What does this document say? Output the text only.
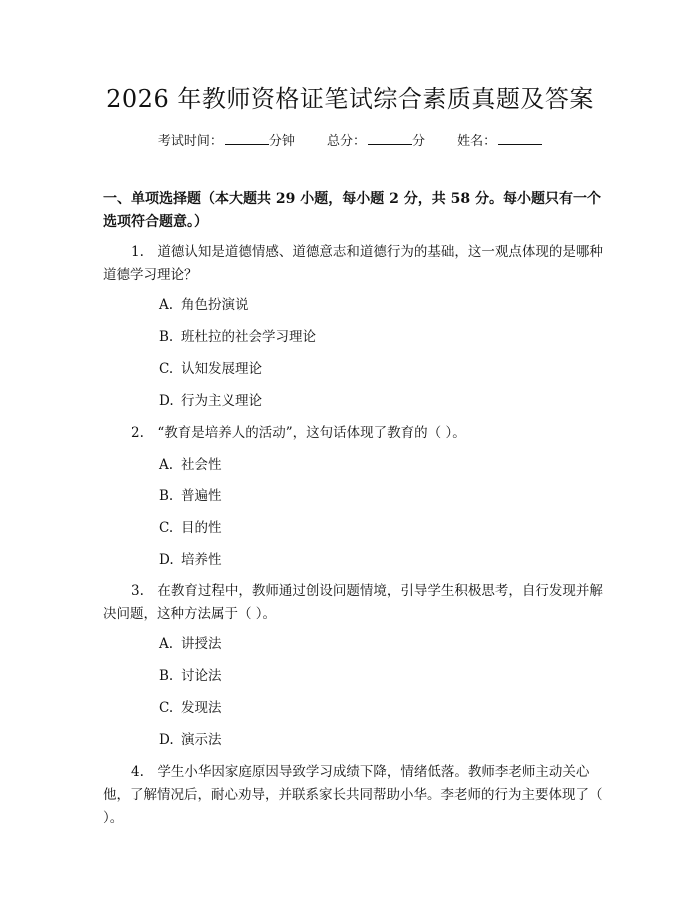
2026 年教师资格证笔试综合素质真题及答案
考试时间：	分钟 总分：	分 姓名：
一、单项选择题（本大题共 29 小题，每小题 2 分，共 58 分。每小题只有一个选项符合题意。）
1.　道德认知是道德情感、道德意志和道德行为的基础，这一观点体现的是哪种道德学习理论？
A. 角色扮演说
B. 班杜拉的社会学习理论
C. 认知发展理论
D. 行为主义理论
2.　“教育是培养人的活动”，这句话体现了教育的（ ）。
A. 社会性
B. 普遍性
C. 目的性
D. 培养性
3.　在教育过程中，教师通过创设问题情境，引导学生积极思考，自行发现并解决问题，这种方法属于（ ）。
A. 讲授法
B. 讨论法
C. 发现法
D. 演示法
4.　学生小华因家庭原因导致学习成绩下降，情绪低落。教师李老师主动关心他，了解情况后，耐心劝导，并联系家长共同帮助小华。李老师的行为主要体现了（ ）。
